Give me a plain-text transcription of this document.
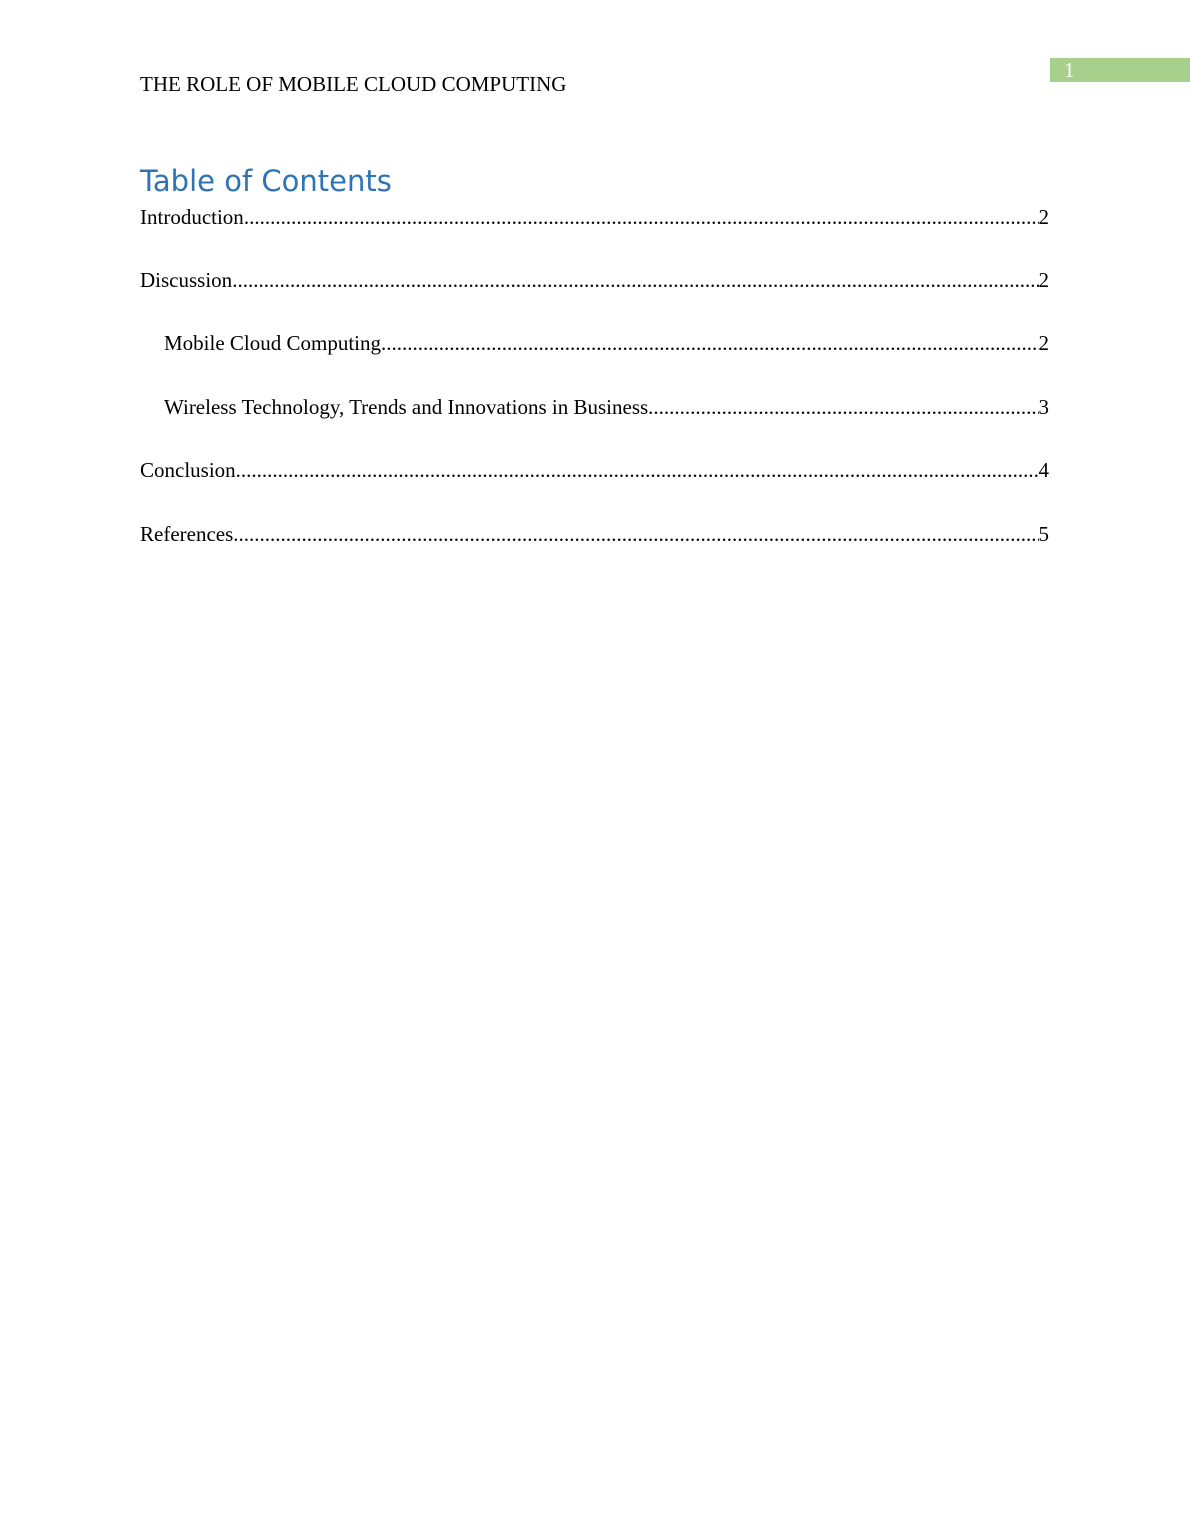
THE ROLE OF MOBILE CLOUD COMPUTING
1
Table of Contents
Introduction .....	2
Discussion .....	2
Mobile Cloud Computing .....	2
Wireless Technology, Trends and Innovations in Business .....	3
Conclusion .....	4
References .....	5
